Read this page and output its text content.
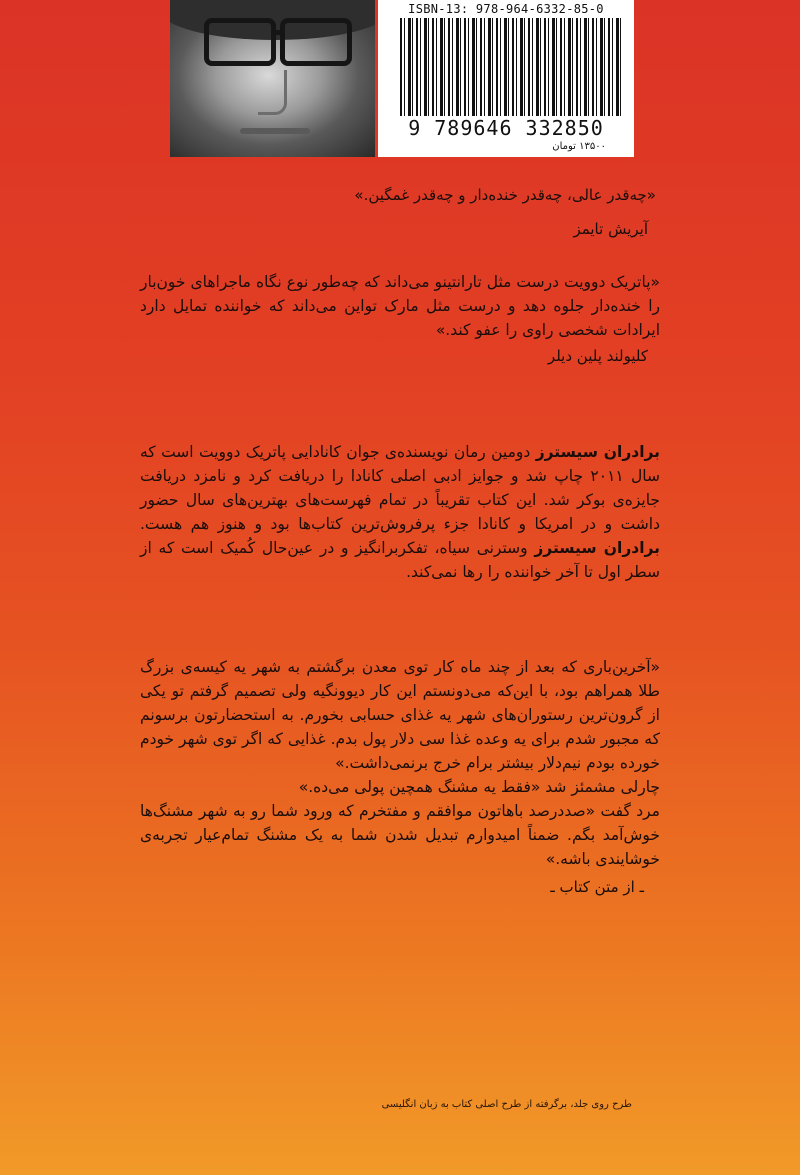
ISBN-13: 978-964-6332-85-0
9 789646 332850
۱۳۵۰۰ تومان

«چه‌قدر عالی، چه‌قدر خنده‌دار و چه‌قدر غمگین.»

آیریش تایمز

«پاتریک دوویت درست مثل تارانتینو می‌داند که چه‌طور نوع نگاه ماجراهای خون‌بار را خنده‌دار جلوه دهد و درست مثل مارک تواین می‌داند که خواننده تمایل دارد ایرادات شخصی راوی را عفو کند.»

کلیولند پلین دیلر

برادران سیسترز دومین رمان نویسنده‌ی جوان کانادایی پاتریک دوویت است که سال ۲۰۱۱ چاپ شد و جوایز ادبی اصلی کانادا را دریافت کرد و نامزد دریافت جایزه‌ی بوکر شد. این کتاب تقریباً در تمام فهرست‌های بهترین‌های سال حضور داشت و در امریکا و کانادا جزء پرفروش‌ترین کتاب‌ها بود و هنوز هم هست. برادران سیسترز وسترنی سیاه، تفکربرانگیز و در عین‌حال کُمیک است که از سطر اول تا آخر خواننده را رها نمی‌کند.

«آخرین‌باری که بعد از چند ماه کار توی معدن برگشتم به شهر یه کیسه‌ی بزرگ طلا همراهم بود، با این‌که می‌دونستم این کار دیوونگیه ولی تصمیم گرفتم تو یکی از گرون‌ترین رستوران‌های شهر یه غذای حسابی بخورم. به استحضارتون برسونم که مجبور شدم برای یه وعده غذا سی دلار پول بدم. غذایی که اگر توی شهر خودم خورده بودم نیم‌دلار بیشتر برام خرج برنمی‌داشت.»

چارلی مشمئز شد «فقط یه مشنگ همچین پولی می‌ده.»

مرد گفت «صددرصد باهاتون موافقم و مفتخرم که ورود شما رو به شهر مشنگ‌ها خوش‌آمد بگم. ضمناً امیدوارم تبدیل شدن شما به یک مشنگ تمام‌عیار تجربه‌ی خوشایندی باشه.»

ـ از متن کتاب ـ

طرح روی جلد، برگرفته از طرح اصلی کتاب به زبان انگلیسی
